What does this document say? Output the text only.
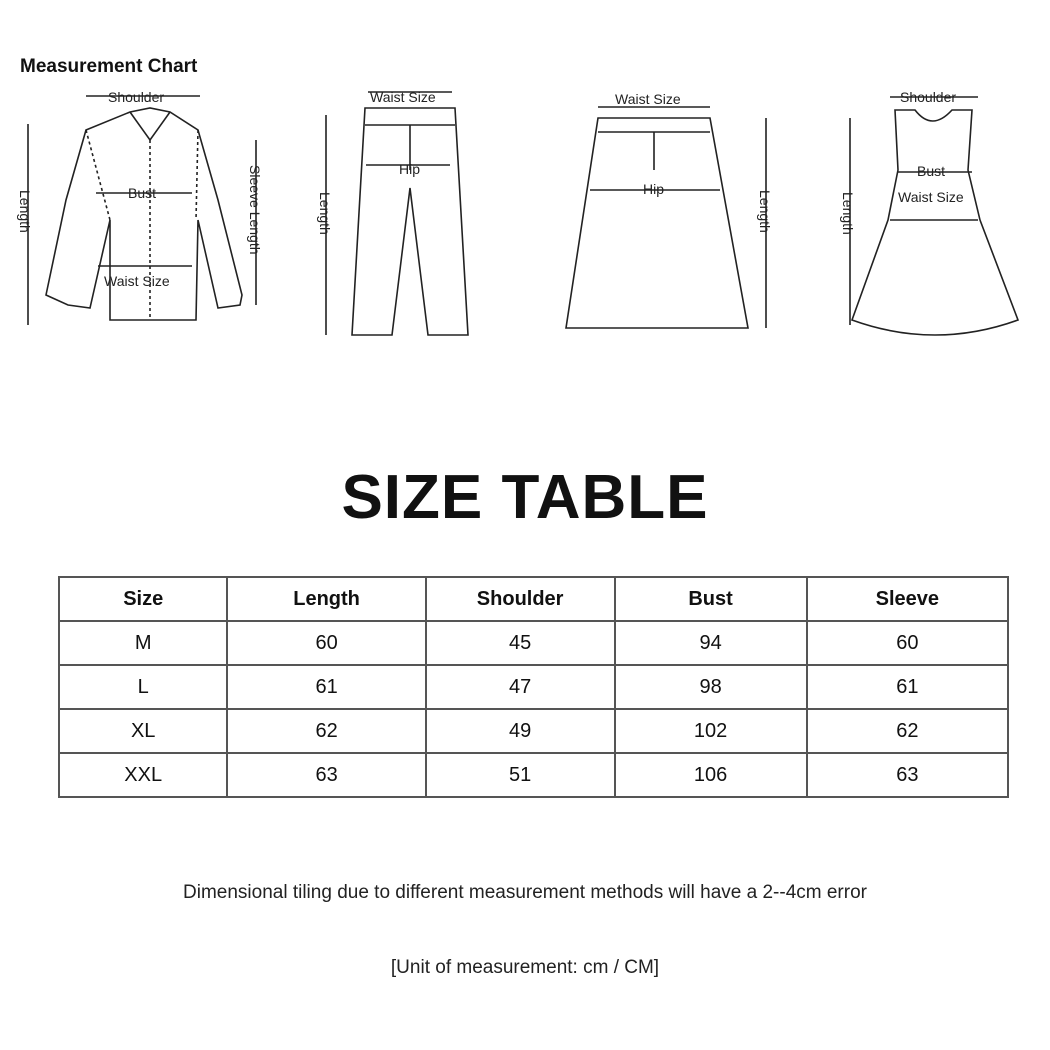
Measurement Chart
Shoulder
Bust
Waist Size
Length	Sleeve Length
Waist Size
Hip
Length
Waist Size
Hip
Length
Shoulder
Bust
Waist Size
Length
SIZE TABLE
Size	Length	Shoulder	Bust	Sleeve
M	60	45	94	60
L	61	47	98	61
XL	62	49	102	62
XXL	63	51	106	63
Dimensional tiling due to different measurement methods will have a 2--4cm error
[Unit of measurement: cm / CM]
